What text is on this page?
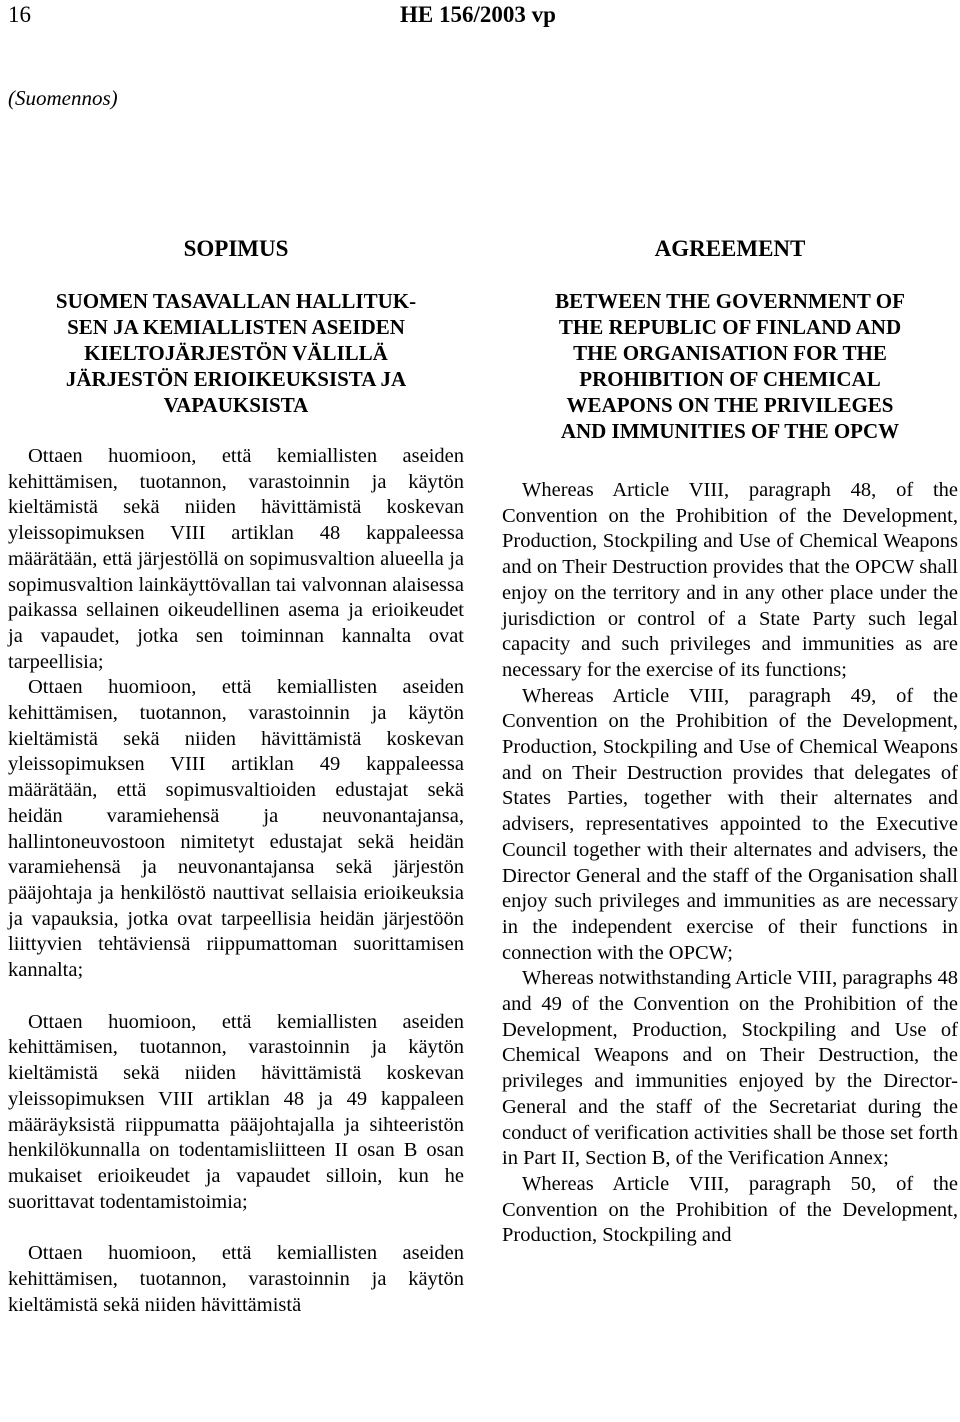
16	HE 156/2003 vp
(Suomennos)
SOPIMUS
SUOMEN TASAVALLAN HALLITUK-
SEN JA KEMIALLISTEN ASEIDEN
KIELTOJÄRJESTÖN VÄLILLÄ
JÄRJESTÖN ERIOIKEUKSISTA JA
VAPAUKSISTA

Ottaen huomioon, että kemiallisten aseiden kehittämisen, tuotannon, varastoinnin ja käytön kieltämistä sekä niiden hävittämistä koskevan yleissopimuksen VIII artiklan 48 kappaleessa määrätään, että järjestöllä on sopimusvaltion alueella ja sopimusvaltion lainkäyttövallan tai valvonnan alaisessa paikassa sellainen oikeudellinen asema ja erioikeudet ja vapaudet, jotka sen toiminnan kannalta ovat tarpeellisia;

Ottaen huomioon, että kemiallisten aseiden kehittämisen, tuotannon, varastoinnin ja käytön kieltämistä sekä niiden hävittämistä koskevan yleissopimuksen VIII artiklan 49 kappaleessa määrätään, että sopimusvaltioiden edustajat sekä heidän varamiehensä ja neuvonantajansa, hallintoneuvostoon nimitetyt edustajat sekä heidän varamiehensä ja neuvonantajansa sekä järjestön pääjohtaja ja henkilöstö nauttivat sellaisia erioikeuksia ja vapauksia, jotka ovat tarpeellisia heidän järjestöön liittyvien tehtäviensä riippumattoman suorittamisen kannalta;

Ottaen huomioon, että kemiallisten aseiden kehittämisen, tuotannon, varastoinnin ja käytön kieltämistä sekä niiden hävittämistä koskevan yleissopimuksen VIII artiklan 48 ja 49 kappaleen määräyksistä riippumatta pääjohtajalla ja sihteeristön henkilökunnalla on todentamisliitteen II osan B osan mukaiset erioikeudet ja vapaudet silloin, kun he suorittavat todentamistoimia;

Ottaen huomioon, että kemiallisten aseiden kehittämisen, tuotannon, varastoinnin ja käytön kieltämistä sekä niiden hävittämistä

AGREEMENT
BETWEEN THE GOVERNMENT OF
THE REPUBLIC OF FINLAND AND
THE ORGANISATION FOR THE
PROHIBITION OF CHEMICAL
WEAPONS ON THE PRIVILEGES
AND IMMUNITIES OF THE OPCW

Whereas Article VIII, paragraph 48, of the Convention on the Prohibition of the Development, Production, Stockpiling and Use of Chemical Weapons and on Their Destruction provides that the OPCW shall enjoy on the territory and in any other place under the jurisdiction or control of a State Party such legal capacity and such privileges and immunities as are necessary for the exercise of its functions;

Whereas Article VIII, paragraph 49, of the Convention on the Prohibition of the Development, Production, Stockpiling and Use of Chemical Weapons and on Their Destruction provides that delegates of States Parties, together with their alternates and advisers, representatives appointed to the Executive Council together with their alternates and advisers, the Director General and the staff of the Organisation shall enjoy such privileges and immunities as are necessary in the independent exercise of their functions in connection with the OPCW;

Whereas notwithstanding Article VIII, paragraphs 48 and 49 of the Convention on the Prohibition of the Development, Production, Stockpiling and Use of Chemical Weapons and on Their Destruction, the privileges and immunities enjoyed by the Director-General and the staff of the Secretariat during the conduct of verification activities shall be those set forth in Part II, Section B, of the Verification Annex;

Whereas Article VIII, paragraph 50, of the Convention on the Prohibition of the Development, Production, Stockpiling and
